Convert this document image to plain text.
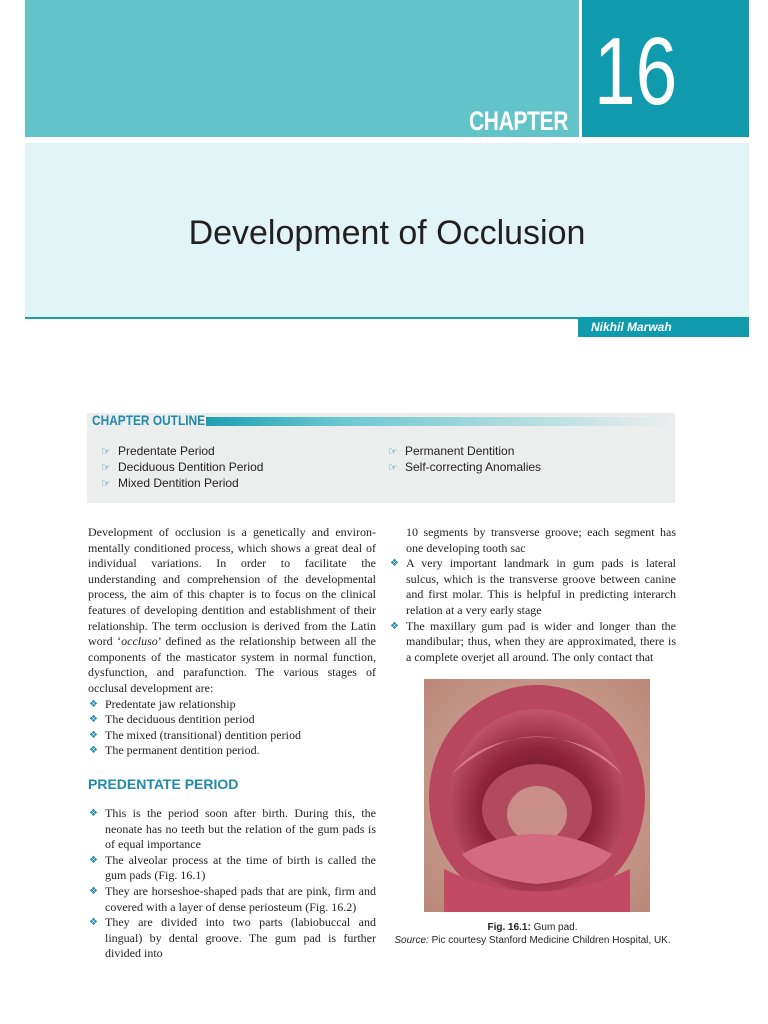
CHAPTER 16
Development of Occlusion
Nikhil Marwah
CHAPTER OUTLINE
☞ Predentate Period
☞ Deciduous Dentition Period
☞ Mixed Dentition Period
☞ Permanent Dentition
☞ Self-correcting Anomalies

Development of occlusion is a genetically and environmentally conditioned process, which shows a great deal of individual variations. In order to facilitate the understanding and comprehension of the developmental process, the aim of this chapter is to focus on the clinical features of developing dentition and establishment of their relationship. The term occlusion is derived from the Latin word ‘occluso’ defined as the relationship between all the components of the masticator system in normal function, dysfunction, and parafunction. The various stages of occlusal development are:

❖ Predentate jaw relationship
❖ The deciduous dentition period
❖ The mixed (transitional) dentition period
❖ The permanent dentition period.
PREDENTATE PERIOD
❖ This is the period soon after birth. During this, the neonate has no teeth but the relation of the gum pads is of equal importance
❖ The alveolar process at the time of birth is called the gum pads (Fig. 16.1)
❖ They are horseshoe-shaped pads that are pink, firm and covered with a layer of dense periosteum (Fig. 16.2)
❖ They are divided into two parts (labiobuccal and lingual) by dental groove. The gum pad is further divided into

10 segments by transverse groove; each segment has one developing tooth sac

❖ A very important landmark in gum pads is lateral sulcus, which is the transverse groove between canine and first molar. This is helpful in predicting interarch relation at a very early stage
❖ The maxillary gum pad is wider and longer than the mandibular; thus, when they are approximated, there is a complete overjet all around. The only contact that
Fig. 16.1: Gum pad.
Source: Pic courtesy Stanford Medicine Children Hospital, UK.
